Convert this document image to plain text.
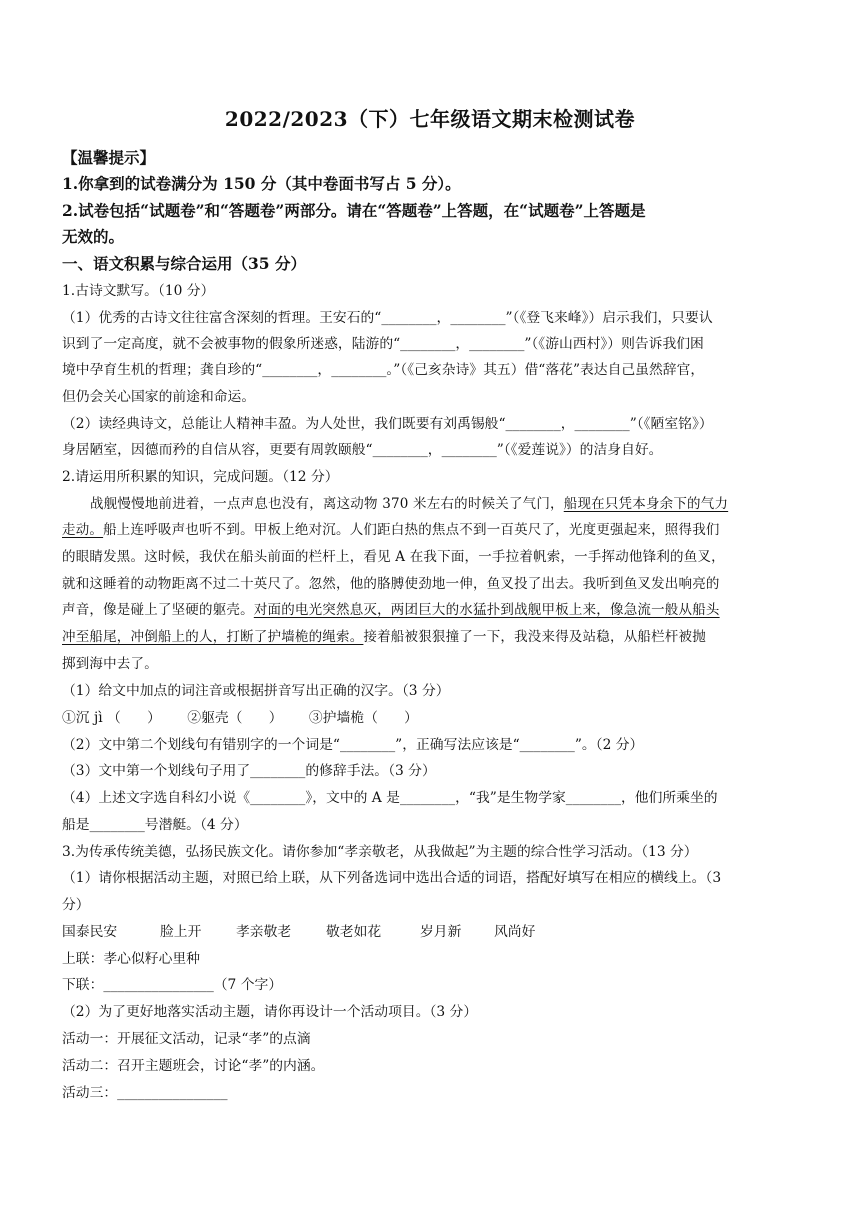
2022/2023（下）七年级语文期末检测试卷
【温馨提示】
1.你拿到的试卷满分为 150 分（其中卷面书写占 5 分）。
2.试卷包括“试题卷”和“答题卷”两部分。请在“答题卷”上答题，在“试题卷”上答题是
无效的。
一、语文积累与综合运用（35 分）
1.古诗文默写。（10 分）
（1）优秀的古诗文往往富含深刻的哲理。王安石的“________，________”（《登飞来峰》）启示我们，只要认
识到了一定高度，就不会被事物的假象所迷惑，陆游的“________，________”（《游山西村》）则告诉我们困
境中孕育生机的哲理；龚自珍的“________，________。”（《己亥杂诗》其五）借“落花”表达自己虽然辞官，
但仍会关心国家的前途和命运。
（2）读经典诗文，总能让人精神丰盈。为人处世，我们既要有刘禹锡般“________，________”（《陋室铭》）
身居陋室，因德而矜的自信从容，更要有周敦颐般“________，________”（《爱莲说》）的洁身自好。
2.请运用所积累的知识，完成问题。（12 分）
战舰慢慢地前进着，一点声息也没有，离这动物 370 米左右的时候关了气门，船现在只凭本身余下的气力
走动。船上连呼吸声也听不到。甲板上绝对沉。人们距白热的焦点不到一百英尺了，光度更强起来，照得我们
的眼睛发黑。这时候，我伏在船头前面的栏杆上，看见 A 在我下面，一手拉着帆索，一手挥动他锋利的鱼叉，
就和这睡着的动物距离不过二十英尺了。忽然，他的胳膊使劲地一伸，鱼叉投了出去。我听到鱼叉发出响亮的
声音，像是碰上了坚硬的躯壳。对面的电光突然息灭，两团巨大的水猛扑到战舰甲板上来，像急流一般从船头
冲至船尾，冲倒船上的人，打断了护墙桅的绳索。接着船被狠狠撞了一下，我没来得及站稳，从船栏杆被抛
掷到海中去了。
（1）给文中加点的词注音或根据拼音写出正确的汉字。（3 分）
①沉 jì （      ）      ②躯壳（      ）      ③护墙桅（      ）
（2）文中第二个划线句有错别字的一个词是“________”，正确写法应该是“________”。（2 分）
（3）文中第一个划线句子用了________的修辞手法。（3 分）
（4）上述文字选自科幻小说《________》，文中的 A 是________，“我”是生物学家________，他们所乘坐的
船是________号潜艇。（4 分）
3.为传承传统美德，弘扬民族文化。请你参加“孝亲敬老，从我做起”为主题的综合性学习活动。（13 分）
（1）请你根据活动主题，对照已给上联，从下列备选词中选出合适的词语，搭配好填写在相应的横线上。（3
分）
国泰民安	脸上开	孝亲敬老	敬老如花	岁月新 风尚好
上联：孝心似籽心里种
下联：________________（7 个字）
（2）为了更好地落实活动主题，请你再设计一个活动项目。（3 分）
活动一：开展征文活动，记录“孝”的点滴
活动二：召开主题班会，讨论“孝”的内涵。
活动三：________________
